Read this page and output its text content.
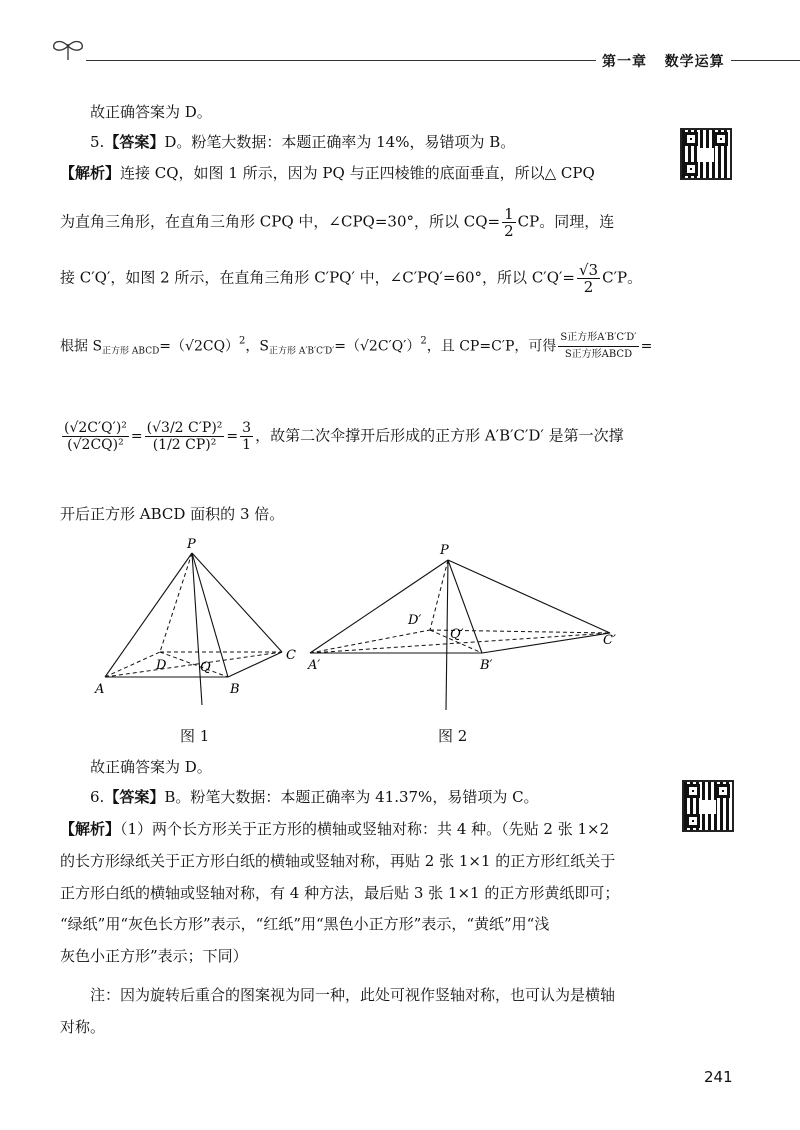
第一章 数学运算
故正确答案为 D。
5.【答案】D。粉笔大数据：本题正确率为 14%，易错项为 B。
【解析】连接 CQ，如图 1 所示，因为 PQ 与正四棱锥的底面垂直，所以△ CPQ
为直角三角形，在直角三角形 CPQ 中，∠CPQ=30°，所以 $CQ= \frac{1}{2}$ CP。同理，连
接 C′Q′，如图 2 所示，在直角三角形 C′PQ′ 中，∠C′PQ′=60°，所以 $C'Q'= \frac{√3}{2} C'P$。
根据 $S_{正方形 ABCD}=(√2CQ)^2$，$S_{正方形 A'B'C'D'}=(√2C'Q')^2$，且 CP=C′P，可得 $\frac{\text{S正方形A′B′C′D′}}{\text{S正方形ABCD}}$ =
$\frac{\text{(√2C′Q′)²}}{\text{(√2CQ)²}} = \frac{\text{(√3/2 C′P)²}}{\text{(1/2 CP)²}} = \frac{3}{1}$ ，故第二次伞撑开后形成的正方形 A′B′C′D′ 是第一次撑
开后正方形 ABCD 面积的 3 倍。
P
A	B
C
D	Q
图 1
P
A′	B′
C′
D′
Q′
图 2
故正确答案为 D。
6.【答案】B。粉笔大数据：本题正确率为 41.37%，易错项为 C。
【解析】（1）两个长方形关于正方形的横轴或竖轴对称：共 4 种。（先贴 2 张 1×2
的长方形绿纸关于正方形白纸的横轴或竖轴对称，再贴 2 张 1×1 的正方形红纸关于
正方形白纸的横轴或竖轴对称，有 4 种方法，最后贴 3 张 1×1 的正方形黄纸即可；
“绿纸”用“灰色长方形”表示，“红纸”用“黑色小正方形”表示，“黄纸”用“浅
灰色小正方形”表示；下同）
注：因为旋转后重合的图案视为同一种，此处可视作竖轴对称，也可认为是横轴
对称。
241
